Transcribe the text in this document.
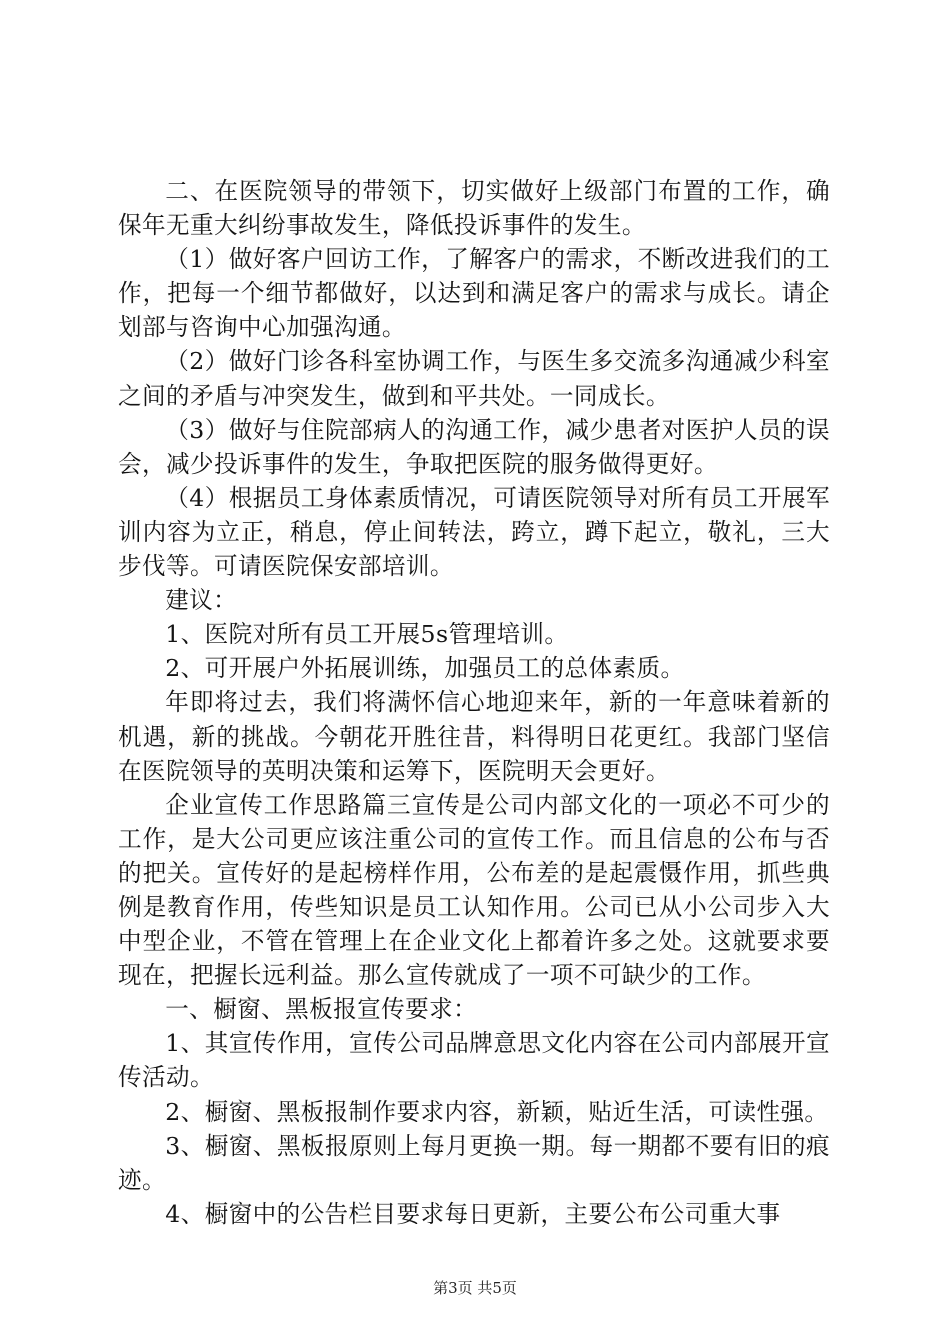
二、在医院领导的带领下，切实做好上级部门布置的工作，确保年无重大纠纷事故发生，降低投诉事件的发生。

（1）做好客户回访工作，了解客户的需求，不断改进我们的工作，把每一个细节都做好，以达到和满足客户的需求与成长。请企划部与咨询中心加强沟通。

（2）做好门诊各科室协调工作，与医生多交流多沟通减少科室之间的矛盾与冲突发生，做到和平共处。一同成长。

（3）做好与住院部病人的沟通工作，减少患者对医护人员的误会，减少投诉事件的发生，争取把医院的服务做得更好。

（4）根据员工身体素质情况，可请医院领导对所有员工开展军训内容为立正，稍息，停止间转法，跨立，蹲下起立，敬礼，三大步伐等。可请医院保安部培训。

建议：

1、医院对所有员工开展5s管理培训。

2、可开展户外拓展训练，加强员工的总体素质。

年即将过去，我们将满怀信心地迎来年，新的一年意味着新的机遇，新的挑战。今朝花开胜往昔，料得明日花更红。我部门坚信在医院领导的英明决策和运筹下，医院明天会更好。

企业宣传工作思路篇三宣传是公司内部文化的一项必不可少的工作，是大公司更应该注重公司的宣传工作。而且信息的公布与否的把关。宣传好的是起榜样作用，公布差的是起震慑作用，抓些典例是教育作用，传些知识是员工认知作用。公司已从小公司步入大中型企业，不管在管理上在企业文化上都着许多之处。这就要求要现在，把握长远利益。那么宣传就成了一项不可缺少的工作。

一、橱窗、黑板报宣传要求：

1、其宣传作用，宣传公司品牌意思文化内容在公司内部展开宣传活动。

2、橱窗、黑板报制作要求内容，新颖，贴近生活，可读性强。

3、橱窗、黑板报原则上每月更换一期。每一期都不要有旧的痕迹。

4、橱窗中的公告栏目要求每日更新，主要公布公司重大事

第3页 共5页
